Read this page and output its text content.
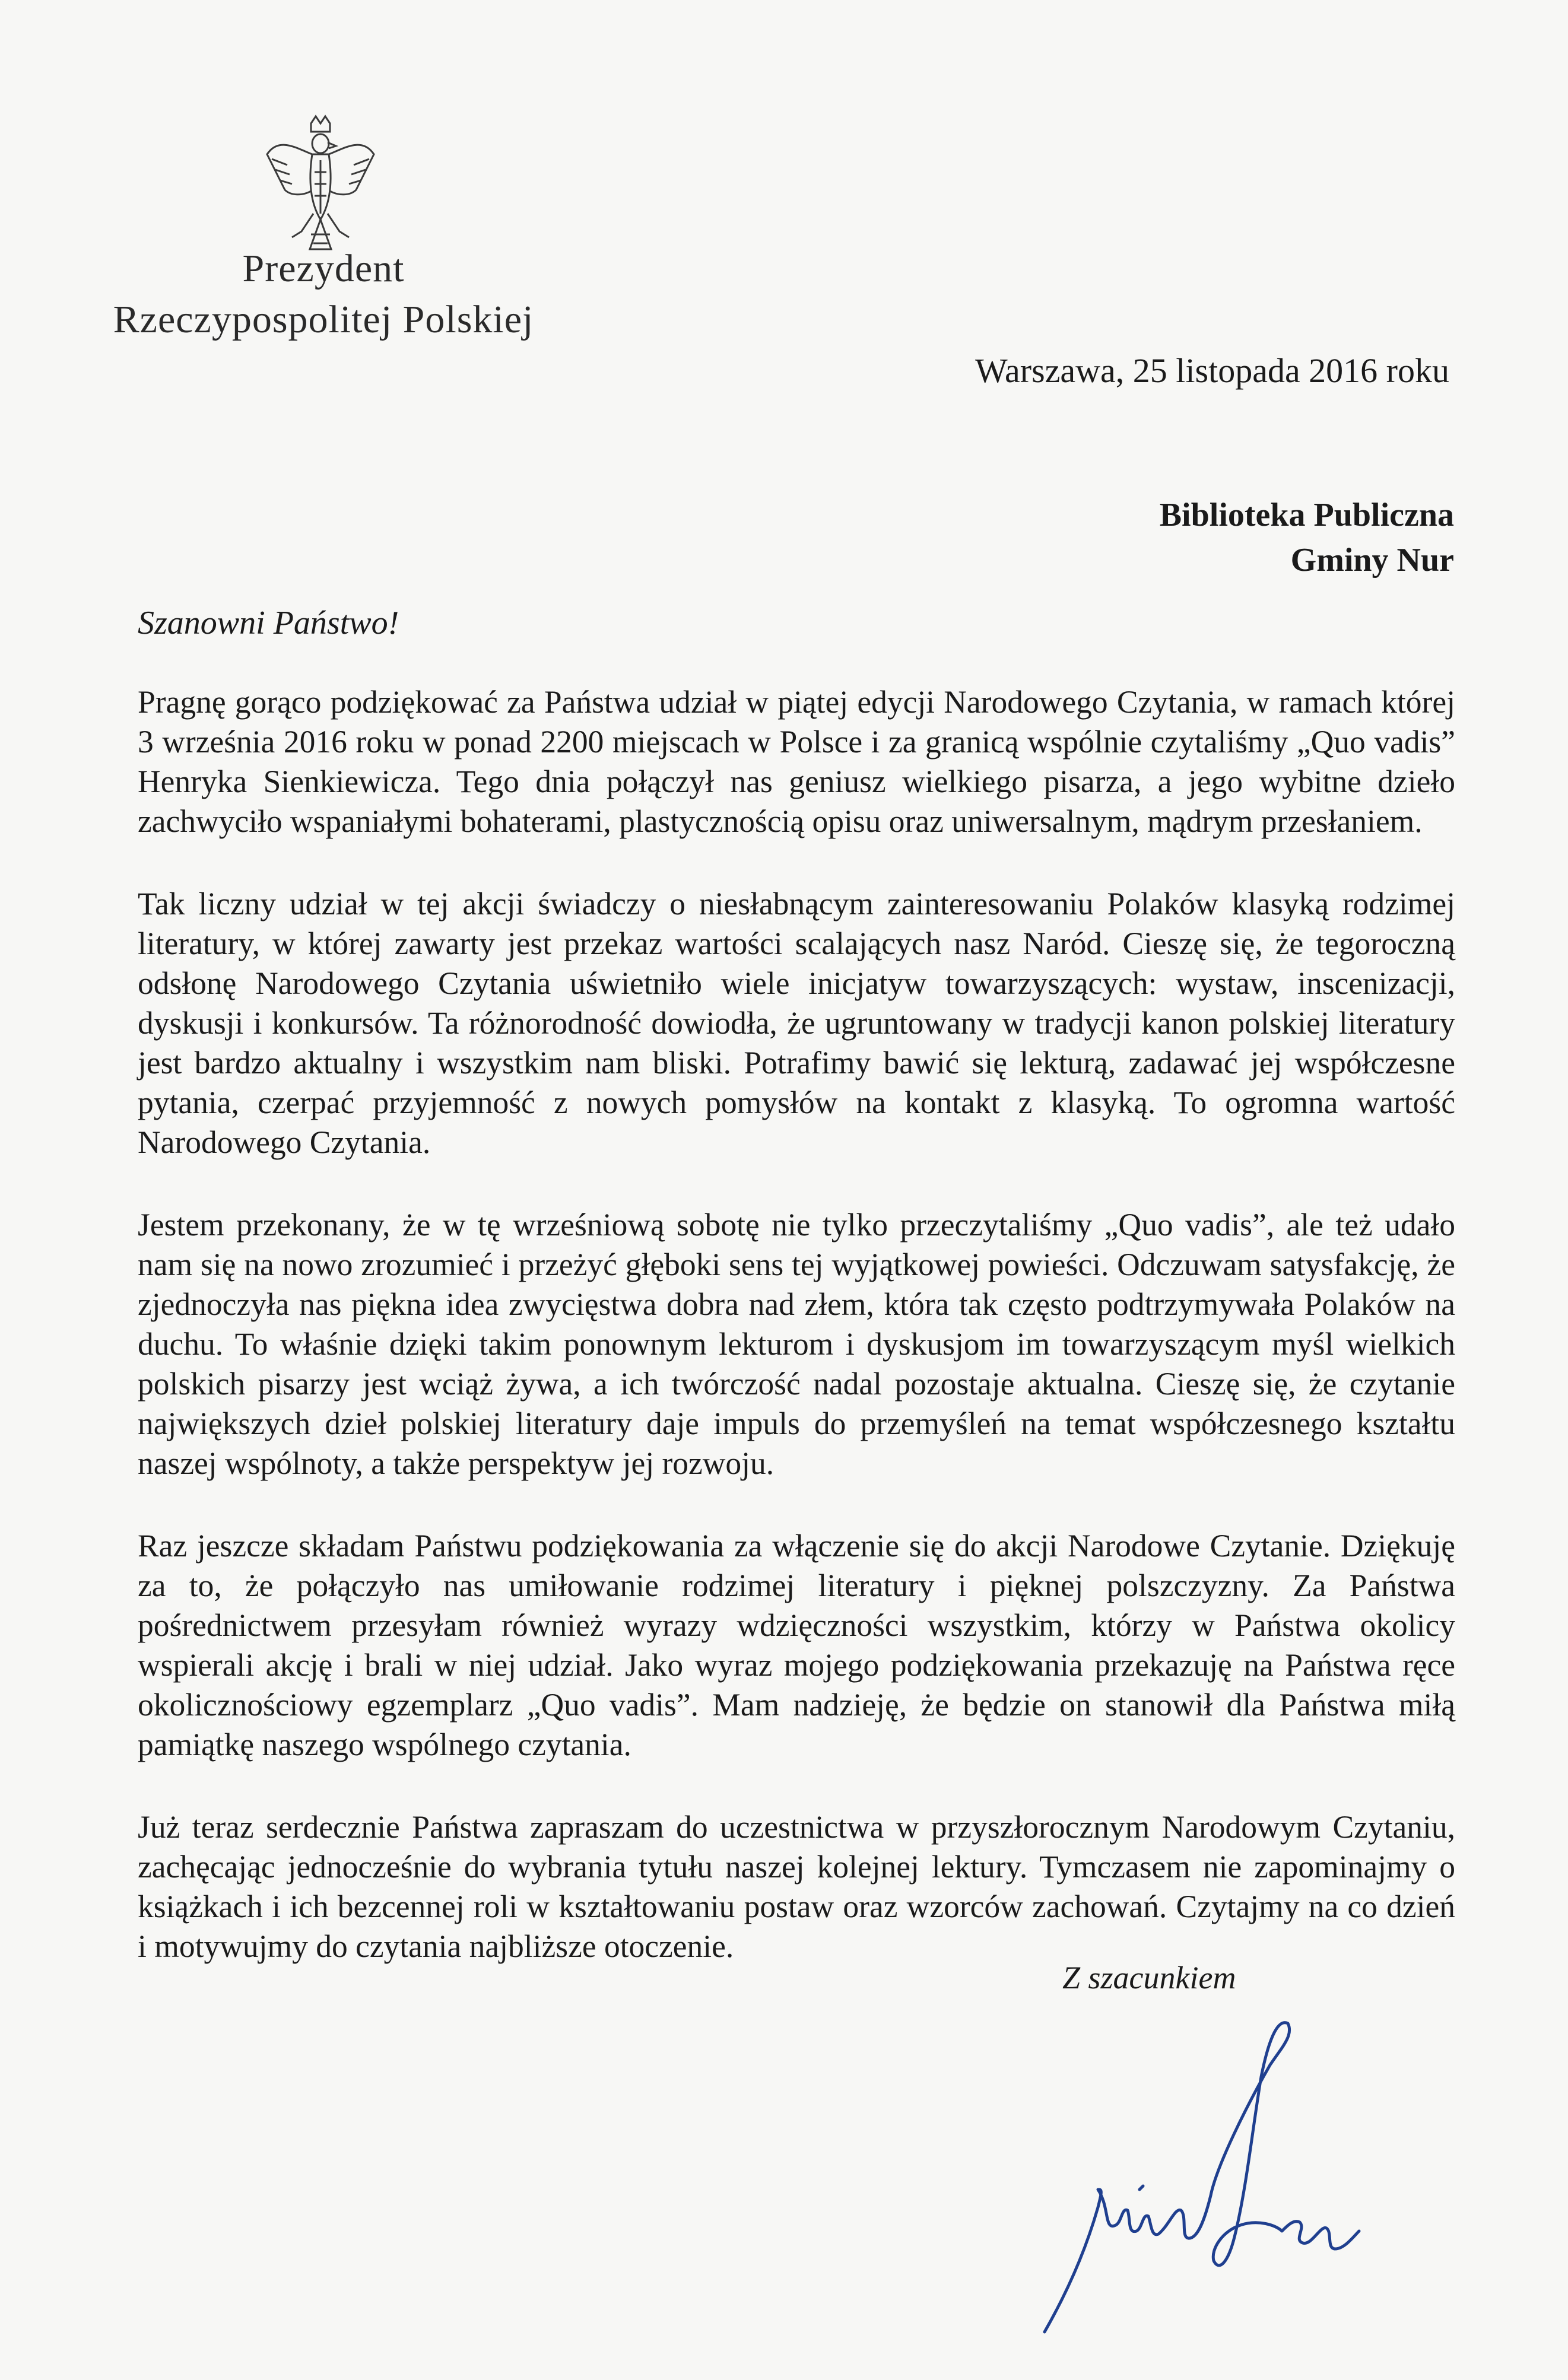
Prezydent
Rzeczypospolitej Polskiej
Warszawa, 25 listopada 2016 roku
Biblioteka Publiczna
Gminy Nur
Szanowni Państwo!

Pragnę gorąco podziękować za Państwa udział w piątej edycji Narodowego Czytania, w ramach której 3 września 2016 roku w ponad 2200 miejscach w Polsce i za granicą wspólnie czytaliśmy „Quo vadis” Henryka Sienkiewicza. Tego dnia połączył nas geniusz wielkiego pisarza, a jego wybitne dzieło zachwyciło wspaniałymi bohaterami, plastycznością opisu oraz uniwersalnym, mądrym przesłaniem.

Tak liczny udział w tej akcji świadczy o niesłabnącym zainteresowaniu Polaków klasyką rodzimej literatury, w której zawarty jest przekaz wartości scalających nasz Naród. Cieszę się, że tegoroczną odsłonę Narodowego Czytania uświetniło wiele inicjatyw towarzyszących: wystaw, inscenizacji, dyskusji i konkursów. Ta różnorodność dowiodła, że ugruntowany w tradycji kanon polskiej literatury jest bardzo aktualny i wszystkim nam bliski. Potrafimy bawić się lekturą, zadawać jej współczesne pytania, czerpać przyjemność z nowych pomysłów na kontakt z klasyką. To ogromna wartość Narodowego Czytania.

Jestem przekonany, że w tę wrześniową sobotę nie tylko przeczytaliśmy „Quo vadis”, ale też udało nam się na nowo zrozumieć i przeżyć głęboki sens tej wyjątkowej powieści. Odczuwam satysfakcję, że zjednoczyła nas piękna idea zwycięstwa dobra nad złem, która tak często podtrzymywała Polaków na duchu. To właśnie dzięki takim ponownym lekturom i dyskusjom im towarzyszącym myśl wielkich polskich pisarzy jest wciąż żywa, a ich twórczość nadal pozostaje aktualna. Cieszę się, że czytanie największych dzieł polskiej literatury daje impuls do przemyśleń na temat współczesnego kształtu naszej wspólnoty, a także perspektyw jej rozwoju.

Raz jeszcze składam Państwu podziękowania za włączenie się do akcji Narodowe Czytanie. Dziękuję za to, że połączyło nas umiłowanie rodzimej literatury i pięknej polszczyzny. Za Państwa pośrednictwem przesyłam również wyrazy wdzięczności wszystkim, którzy w Państwa okolicy wspierali akcję i brali w niej udział. Jako wyraz mojego podziękowania przekazuję na Państwa ręce okolicznościowy egzemplarz „Quo vadis”. Mam nadzieję, że będzie on stanowił dla Państwa miłą pamiątkę naszego wspólnego czytania.

Już teraz serdecznie Państwa zapraszam do uczestnictwa w przyszłorocznym Narodowym Czytaniu, zachęcając jednocześnie do wybrania tytułu naszej kolejnej lektury. Tymczasem nie zapominajmy o książkach i ich bezcennej roli w kształtowaniu postaw oraz wzorców zachowań. Czytajmy na co dzień i motywujmy do czytania najbliższe otoczenie.

Z szacunkiem
